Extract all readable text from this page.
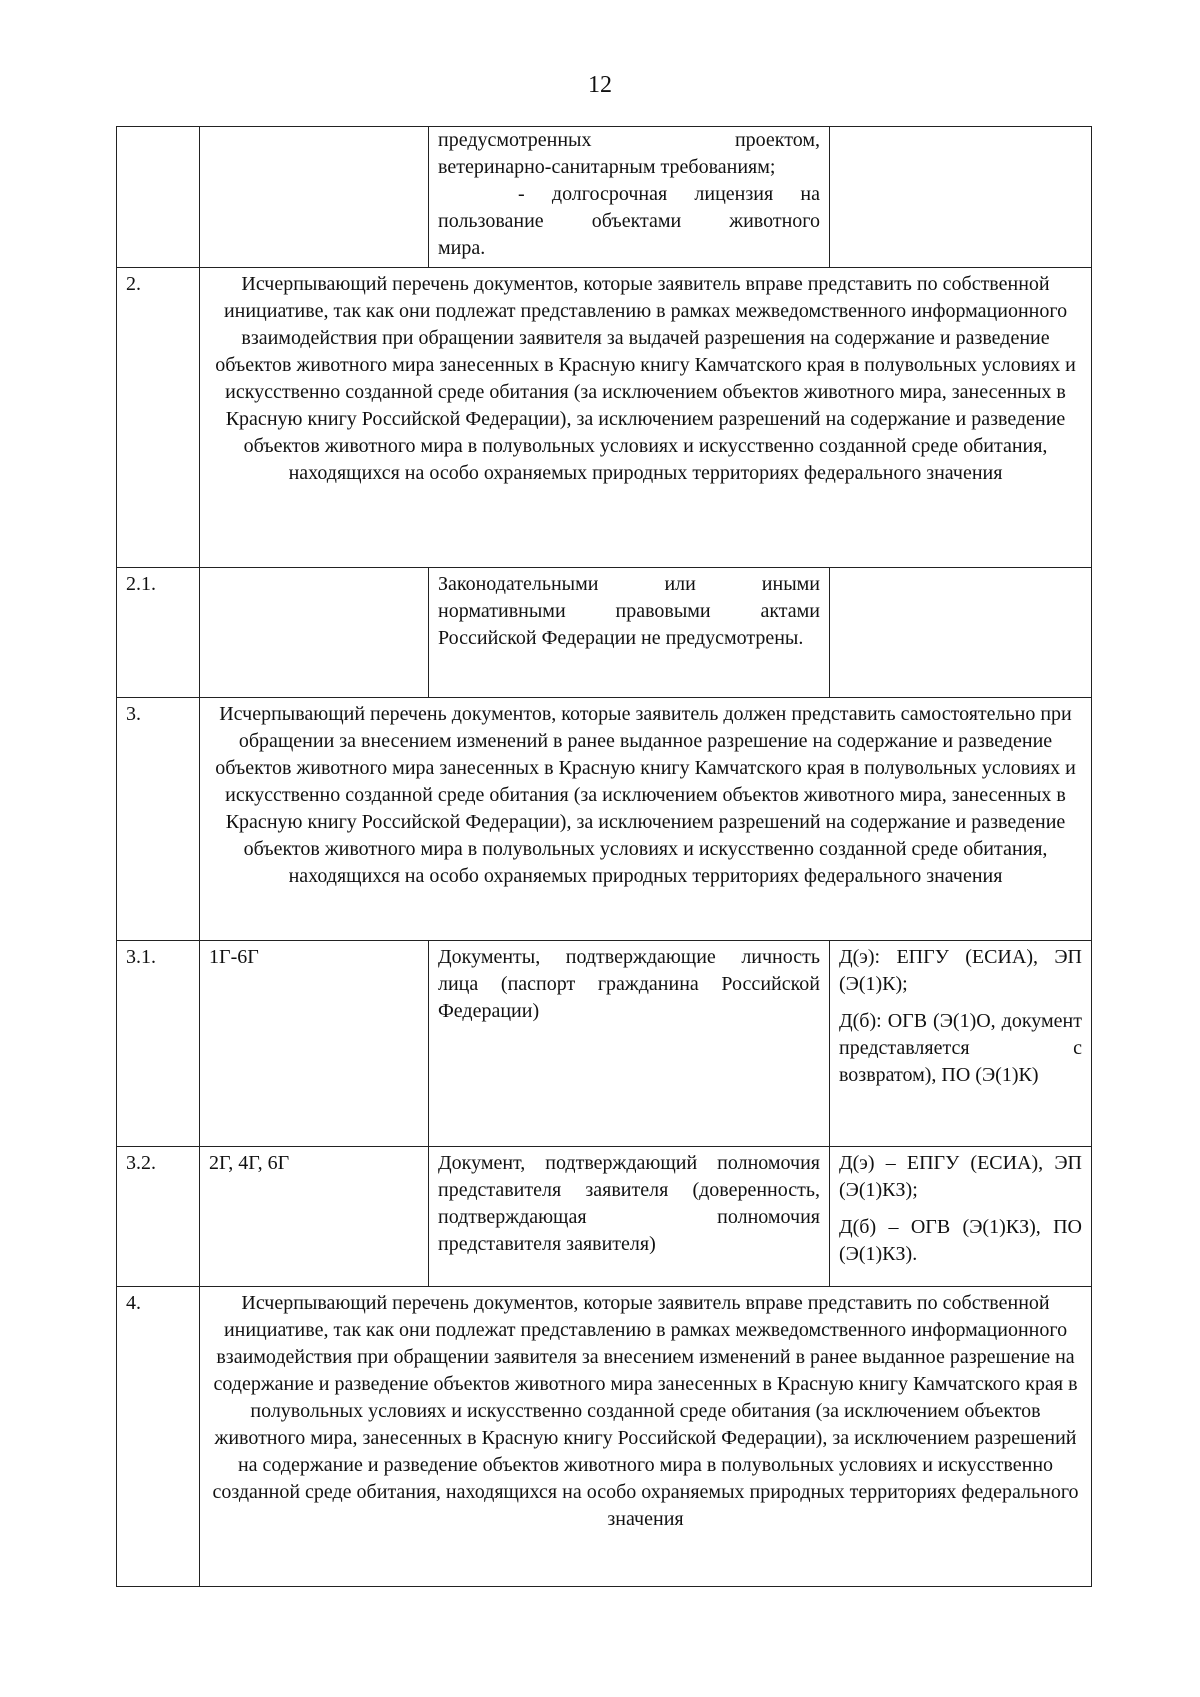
12

		предусмотренных проектом,
ветеринарно-санитарным требованиям;
- долгосрочная лицензия на
пользование объектами животного
мира.	

2.	Исчерпывающий перечень документов, которые заявитель вправе представить по собственной инициативе, так как они подлежат представлению в рамках межведомственного информационного взаимодействия при обращении заявителя за выдачей разрешения на содержание и разведение объектов животного мира занесенных в Красную книгу Камчатского края в полувольных условиях и искусственно созданной среде обитания (за исключением объектов животного мира, занесенных в Красную книгу Российской Федерации), за исключением разрешений на содержание и разведение объектов животного мира в полувольных условиях и искусственно созданной среде обитания, находящихся на особо охраняемых природных территориях федерального значения		
2.1.		Законодательными или иными нормативными правовыми актами Российской Федерации не предусмотрены.	
3.	Исчерпывающий перечень документов, которые заявитель должен представить самостоятельно при обращении за внесением изменений в ранее выданное разрешение на содержание и разведение объектов животного мира занесенных в Красную книгу Камчатского края в полувольных условиях и искусственно созданной среде обитания (за исключением объектов животного мира, занесенных в Красную книгу Российской Федерации), за исключением разрешений на содержание и разведение объектов животного мира в полувольных условиях и искусственно созданной среде обитания, находящихся на особо охраняемых природных территориях федерального значения		
3.1.	1Г-6Г	Документы, подтверждающие личность лица (паспорт гражданина Российской Федерации)	Д(э): ЕПГУ (ЕСИА), ЭП (Э(1)К);
Д(б): ОГВ (Э(1)О, документ представляется с возвратом), ПО (Э(1)К)

3.2.	2Г, 4Г, 6Г	Документ, подтверждающий полномочия представителя заявителя (доверенность, подтверждающая полномочия представителя заявителя)	Д(э) – ЕПГУ (ЕСИА), ЭП (Э(1)КЗ);
Д(б) – ОГВ (Э(1)КЗ), ПО (Э(1)КЗ).

4.	Исчерпывающий перечень документов, которые заявитель вправе представить по собственной инициативе, так как они подлежат представлению в рамках межведомственного информационного взаимодействия при обращении заявителя за внесением изменений в ранее выданное разрешение на содержание и разведение объектов животного мира занесенных в Красную книгу Камчатского края в полувольных условиях и искусственно созданной среде обитания (за исключением объектов животного мира, занесенных в Красную книгу Российской Федерации), за исключением разрешений на содержание и разведение объектов животного мира в полувольных условиях и искусственно созданной среде обитания, находящихся на особо охраняемых природных территориях федерального значения		
